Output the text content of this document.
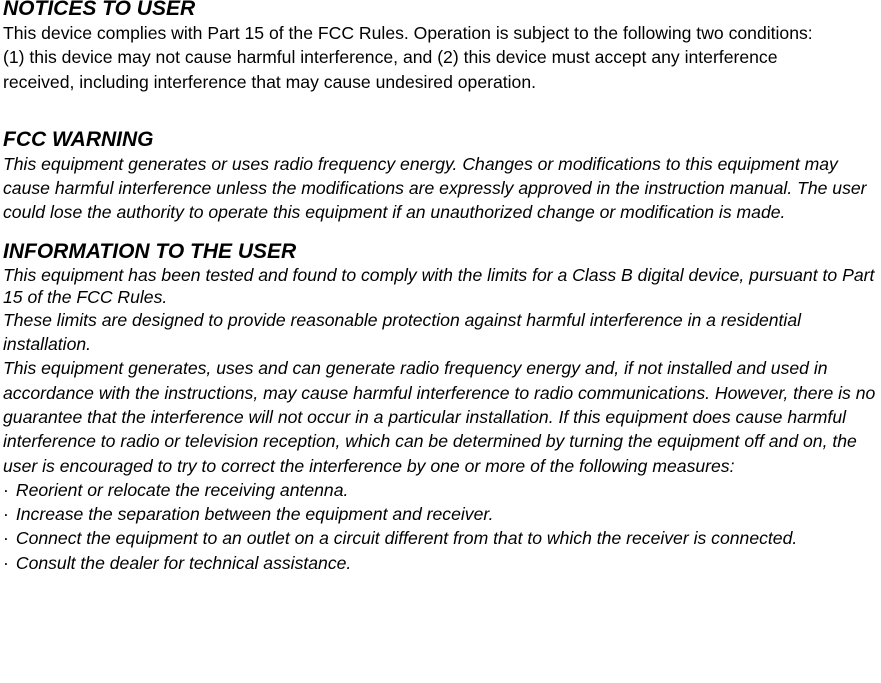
NOTICES TO USER

This device complies with Part 15 of the FCC Rules. Operation is subject to the following two conditions:

(1) this device may not cause harmful interference, and (2) this device must accept any interference received, including interference that may cause undesired operation.

FCC WARNING

This equipment generates or uses radio frequency energy. Changes or modifications to this equipment may cause harmful interference unless the modifications are expressly approved in the instruction manual. The user could lose the authority to operate this equipment if an unauthorized change or modification is made.

INFORMATION TO THE USER

This equipment has been tested and found to comply with the limits for a Class B digital device, pursuant to Part 15 of the FCC Rules.

These limits are designed to provide reasonable protection against harmful interference in a residential installation.

This equipment generates, uses and can generate radio frequency energy and, if not installed and used in accordance with the instructions, may cause harmful interference to radio communications. However, there is no guarantee that the interference will not occur in a particular installation. If this equipment does cause harmful interference to radio or television reception, which can be determined by turning the equipment off and on, the user is encouraged to try to correct the interference by one or more of the following measures:

· Reorient or relocate the receiving antenna.
· Increase the separation between the equipment and receiver.
· Connect the equipment to an outlet on a circuit different from that to which the receiver is connected.
· Consult the dealer for technical assistance.
